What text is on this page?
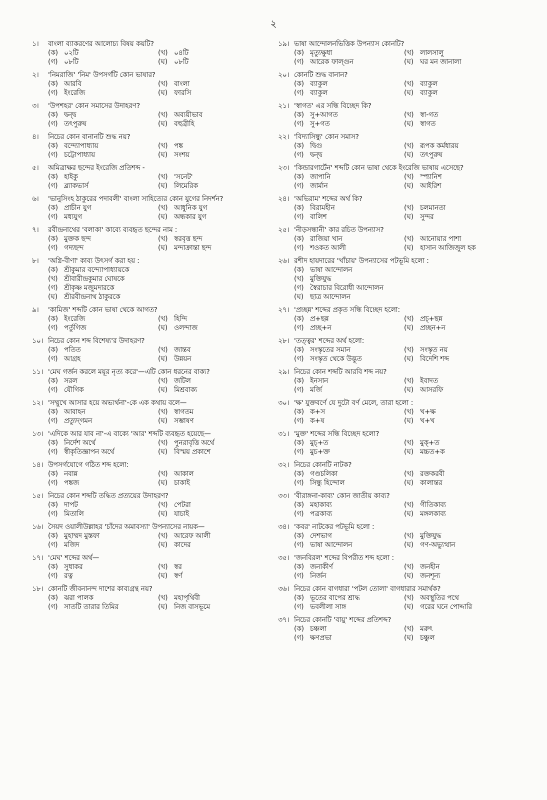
২
১।	বাংলা ব্যাকরণের আলোচ্য বিষয় কয়টি?
(ক) ০২টি	(খ) ০৪টি
(গ) ০৮টি	(ঘ) ০৮টি
২।	'নিমরাজি' 'নিম' উপসর্গটি কোন ভাষার?
(ক) আরবি	(খ) বাংলা
(গ) ইংরেজি	(ঘ) ফারসি
৩।	'উপশহর' কোন সমাসের উদাহরণ?
(ক) দ্বন্দ্ব	(খ) অব্যয়ীভাব
(গ) তৎপুরুষ	(ঘ) বহুব্রীহি
৪।	নিচের কোন বানানটি শুদ্ধ নয়?
(ক) বন্দ্যোপাধ্যায়	(খ) পঙ্ক
(গ) চট্টোপাধ্যায়	(ঘ) সংশয়
৫।	অমিত্রাক্ষর ছন্দের ইংরেজি প্রতিশব্দ -
(ক) হাইকু	(খ) 'সনেট'
(গ) ব্ল্যাকভার্স	(ঘ) লিমেরিক
৬।	'ভানুসিংহ ঠাকুরের পদাবলী' বাংলা সাহিত্যের কোন যুগের নিদর্শন?
(ক) প্রাচীন যুগ	(খ) আধুনিক যুগ
(গ) মধ্যযুগ	(ঘ) অন্ধকার যুগ
৭।	রবীন্দ্রনাথের 'বলাকা' কাব্যে ব্যবহৃত ছন্দের নাম :
(ক) মুক্তক ছন্দ	(খ) স্বরবৃত্ত ছন্দ
(গ) গদ্যছন্দ	(ঘ) মন্দাক্রান্তা ছন্দ
৮।	'অগ্নি-বীণা' কাব্য উৎসর্গ করা হয় :
(ক) শ্রীকুমার বন্দ্যোপাধ্যায়কে
(খ) শ্রীবারীন্দ্রকুমার ঘোষকে
(গ) শ্রীকৃষ্ণ মজুমদারকে
(ঘ) শ্রীরবীন্দ্রনাথ ঠাকুরকে
৯।	'কামিজ' শব্দটি কোন ভাষা থেকে আগত?
(ক) ইংরেজি	(খ) হিন্দি
(গ) পর্তুগিজ	(ঘ) ওলন্দাজ
১০। নিচের কোন শব্দ বিশেষ্য'র উদাহরণ?
(ক) পতিত	(খ) জান্তব
(গ) আগ্রহ	(ঘ) উন্নয়ন
১১। 'মেঘ গর্জন করলে ময়ূর নৃত্য করে'—এটি কোন ধরনের বাক্য?
(ক) সরল	(খ) জটিল
(গ) যৌগিক	(ঘ) মিশ্রবাক্য
১২। 'সম্মুখে আসার হয়ে অভ্যর্থনা'-কে এক কথায় বলে—
(ক) আবাহন	(খ) স্বাগতম
(গ) প্রত্যুদ্‌গমন	(ঘ) সম্ভাষণ
১৩। 'এদিকে আর যাব না'-এ বাক্যে 'আর' শব্দটি ব্যবহৃত হয়েছে—
(ক) নির্দেশ অর্থে	(খ) পুনরাবৃত্তি অর্থে
(গ) স্বীকৃতিজ্ঞাপন অর্থে	(ঘ) বিস্ময় প্রকাশে
১৪। উপসর্গযোগে গঠিত শব্দ হলো:
(ক) নবান্ন	(খ) আকাল
(গ) পঙ্কজ	(ঘ) চাকাই
১৫। নিচের কোন শব্দটি তদ্ধিত প্রত্যয়ের উদাহরণ?
(ক) দাপট	(খ) পেটরা
(গ) মিতালি	(ঘ) যাচাই
১৬। সৈয়দ ওয়ালীউল্লাহর 'চাঁদের অমাবস্যা' উপন্যাসের নায়ক—
(ক) মুহাম্মদ মুস্তফা	(খ) আরেফ আলী
(গ) মজিদ	(ঘ) কাদের
১৭। 'মেঘ' শব্দের অর্থ—
(ক) সুধাকর	(খ) স্বর
(গ) রত্ন	(ঘ) স্বর্ণ
১৮। কোনটি জীবনানন্দ দাশের কাব্যগ্রন্থ নয়?
(ক) ঝরা পালক	(খ) মহাপৃথিবী
(গ) সাতটি তারার তিমির	(ঘ) নিজ বাসভূমে
১৯। ভাষা আন্দোলনভিত্তিক উপন্যাস কোনটি?
(ক) মৃত্যুক্ষুধা	(খ) লালসালু
(গ) আরেক ফাল্গুন	(ঘ) ঘর মন জানালা
২০। কোনটি শুদ্ধ বানান?
(ক) ব্যাকুল	(খ) ব্যাকুল
(গ) ব্যাকুল	(ঘ) ব্যাকুল
২১। 'স্বাগত' এর সন্ধি বিচ্ছেদ কি?
(ক) সু+আগত	(খ) স্বা-গত
(গ) সু+গত	(ঘ) স্বাগত
২২। 'বিদ্যাসিন্ধু' কোন সমাস?
(ক) দ্বিগু	(খ) রূপক কর্মধারয়
(গ) দ্বন্দ্ব	(ঘ) তৎপুরুষ
২৩। 'কিন্ডারগার্টেন' শব্দটি কোন ভাষা থেকে ইংরেজি ভাষায় এসেছে?
(ক) জাপানি	(খ) স্প্যানিশ
(গ) জার্মান	(ঘ) আইরিশ
২৪। 'অভিরাম' শব্দের অর্থ কি?
(ক) বিরামহীন	(খ) চলমানতা
(গ) বালিশ	(ঘ) সুন্দর
২৫। 'নীড়সন্ধানী' কার রচিত উপন্যাস?
(ক) রাজিয়া খান	(খ) আনোয়ার পাশা
(গ) শওকত আলী	(ঘ) হাসান আজিজুল হক
২৬। রশীদ হায়দারের 'খাঁচায়' উপন্যাসের পটভূমি হলো :
(ক) ভাষা আন্দোলন
(খ) মুক্তিযুদ্ধ
(গ) স্বৈরাচার বিরোধী আন্দোলন
(ঘ) ছাত্র আন্দোলন
২৭। 'প্রচ্ছন্ন' শব্দের প্রকৃত সন্ধি বিচ্ছেদ হলো:
(ক) প্র+ছন্ন	(খ) প্রচ্+ছন্ন
(গ) প্রচ্ছ+ন	(ঘ) প্রচ্ছন+ন
২৮। 'তত্ত্বর' শব্দের অর্থ হলো:
(ক) সংস্কৃতের সমান	(খ) সংস্কৃত নয়
(গ) সংস্কৃত থেকে উদ্ভূত	(ঘ) বিদেশি শব্দ
২৯। নিচের কোন শব্দটি আরবি শব্দ নয়?
(ক) ইনসান	(খ) ইবাদত
(গ) মর্জি	(ঘ) আসরফি
৩০। 'ক্ষ' যুক্তবর্ণে যে দুটো বর্ণ মেলে, তারা হলো :
(ক) ক+স	(খ) খ+ক্ষ
(গ) ক+ষ	(ঘ) খ+খ
৩১। 'মুক্ত' শব্দের সন্ধি বিচ্ছেদ হলো?
(ক) মুচ্+ত	(খ) মুক্+ত
(গ) মুচ+ক্ত	(ঘ) মচ্চত+ক
৩২। নিচের কোনটি নাটক?
(ক) গণ্ডচলিকা	(খ) রক্তকরবী
(গ) সিন্ধু হিন্দোল	(ঘ) কালান্তর
৩৩। 'বীরাঙ্গনা-কাব্য' কোন জাতীয় কাব্য?
(ক) মহাকাব্য	(খ) গীতিকাব্য
(গ) পত্রকাব্য	(ঘ) মঙ্গলকাব্য
৩৪। 'কবর' নাটকের পটভূমি হলো :
(ক) দেশভাগ	(খ) মুক্তিযুদ্ধ
(গ) ভাষা আন্দোলন	(ঘ) গণ-অভ্যুত্থান
৩৫। 'জনবিরল' শব্দের বিপরীত শব্দ হলো :
(ক) জনাকীর্ণ	(খ) জনহীন
(গ) নির্জন	(ঘ) জনশূন্য
৩৬। নিচের কোন বাগধারা 'পটল তোলা' বাগধারার সমার্থক?
(ক) ভূতের বাপের শ্রাদ্ধ	(খ) অবস্থুতির পথে
(গ) ভবলীলা সাঙ্গ	(ঘ) গরের ঘনে পোদ্দারি
৩৭। নিচের কোনটি 'বায়ু' শব্দের প্রতিশব্দ?
(ক) চঞ্চলা	(খ) মরুৎ
(গ) ক্ষণপ্রভা	(ঘ) চঞ্চুল
